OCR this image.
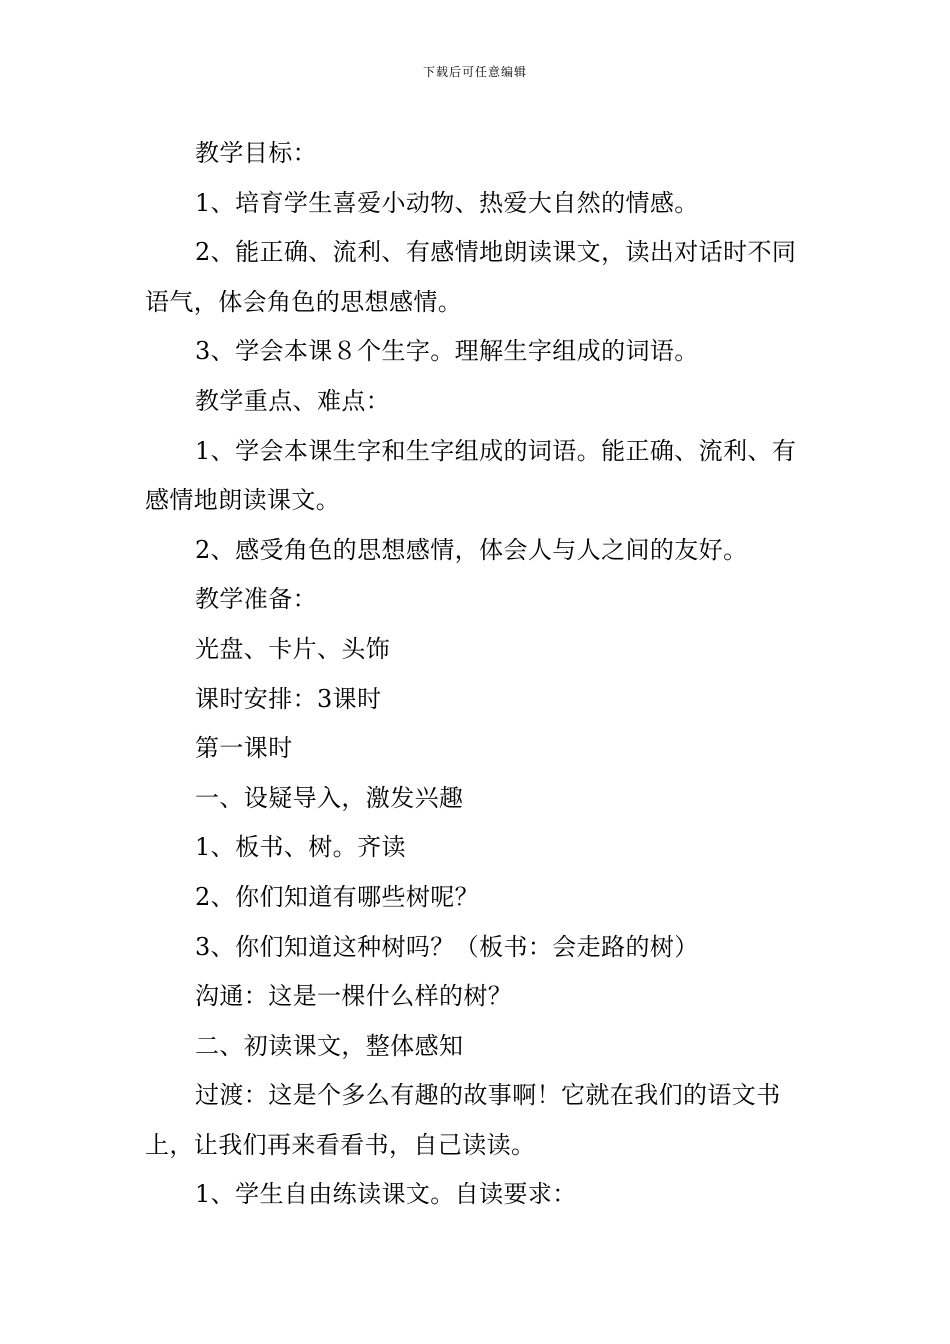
下载后可任意编辑

教学目标：

1、培育学生喜爱小动物、热爱大自然的情感。

2、能正确、流利、有感情地朗读课文，读出对话时不同语气，体会角色的思想感情。

3、学会本课８个生字。理解生字组成的词语。

教学重点、难点：

1、学会本课生字和生字组成的词语。能正确、流利、有感情地朗读课文。

2、感受角色的思想感情，体会人与人之间的友好。

教学准备：

光盘、卡片、头饰

课时安排：3课时

第一课时

一、设疑导入，激发兴趣

1、板书、树。齐读

2、你们知道有哪些树呢？

3、你们知道这种树吗？（板书：会走路的树）

沟通：这是一棵什么样的树？

二、初读课文，整体感知

过渡：这是个多么有趣的故事啊！它就在我们的语文书上，让我们再来看看书，自己读读。

1、学生自由练读课文。自读要求：
